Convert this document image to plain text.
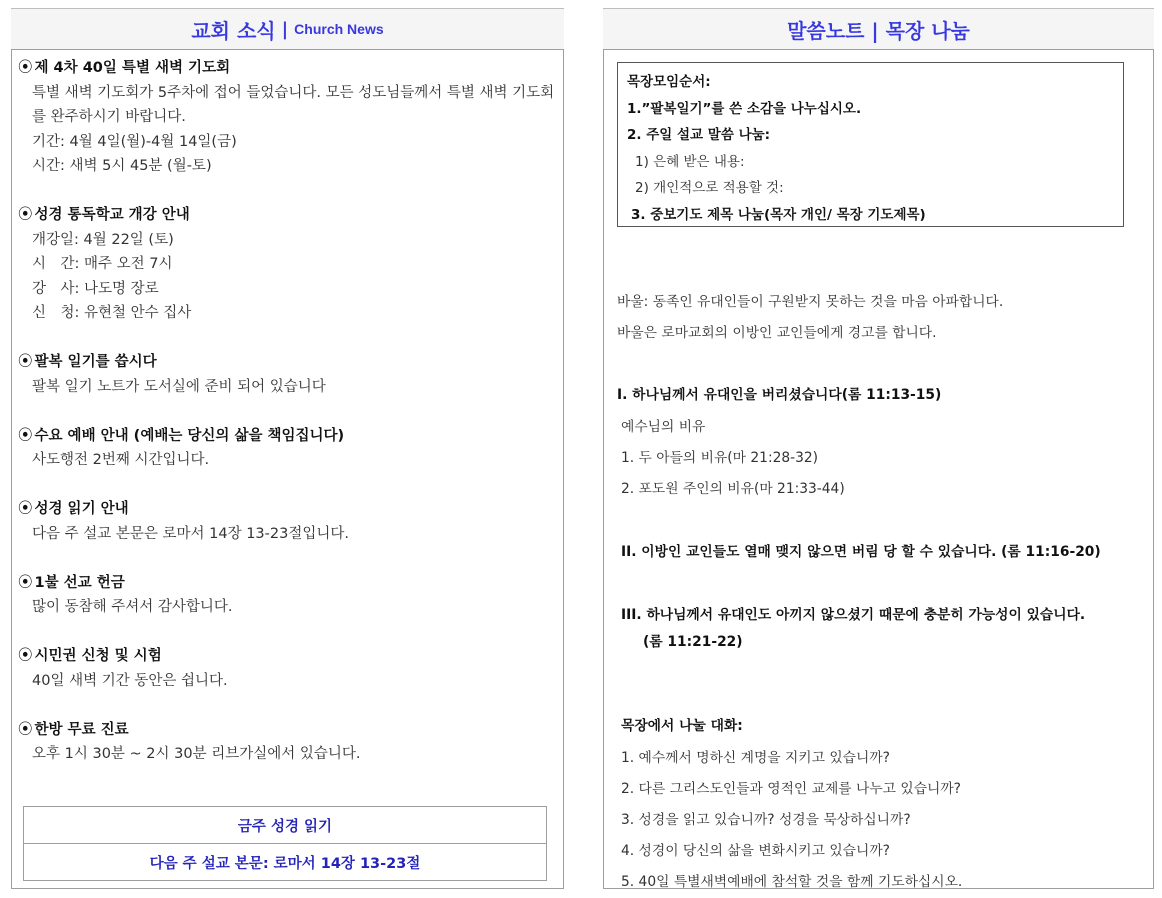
교회 소식 | Church News
⦿ 제 4차 40일 특별 새벽 기도회
특별 새벽 기도회가 5주차에 접어 들었습니다. 모든 성도님들께서 특별 새벽 기도회
를 완주하시기 바랍니다.
기간: 4월 4일(월)-4월 14일(금)
시간: 새벽 5시 45분 (월-토)
⦿ 성경 통독학교 개강 안내
개강일: 4월 22일 (토)
시　간: 매주 오전 7시
강　사: 나도명 장로
신　청: 유현철 안수 집사
⦿ 팔복 일기를 씁시다
팔복 일기 노트가 도서실에 준비 되어 있습니다
⦿ 수요 예배 안내 (예배는 당신의 삶을 책임집니다)
사도행전 2번째 시간입니다.
⦿ 성경 읽기 안내
다음 주 설교 본문은 로마서 14장 13-23절입니다.
⦿ 1불 선교 헌금
많이 동참해 주셔서 감사합니다.
⦿ 시민권 신청 및 시험
40일 새벽 기간 동안은 쉽니다.
⦿ 한방 무료 진료
오후 1시 30분 ~ 2시 30분 리브가실에서 있습니다.
금주 성경 읽기
다음 주 설교 본문: 로마서 14장 13-23절
말씀노트 | 목장 나눔
목장모임순서:
1.”팔복일기”를 쓴 소감을 나누십시오.
2. 주일 설교 말씀 나눔:
1) 은혜 받은 내용:
2) 개인적으로 적용할 것:
3. 중보기도 제목 나눔(목자 개인/ 목장 기도제목)
바울: 동족인 유대인들이 구원받지 못하는 것을 마음 아파합니다.
바울은 로마교회의 이방인 교인들에게 경고를 합니다.
I. 하나님께서 유대인을 버리셨습니다(롬 11:13-15)
예수님의 비유
1. 두 아들의 비유(마 21:28-32)
2. 포도원 주인의 비유(마 21:33-44)
II. 이방인 교인들도 열매 맺지 않으면 버림 당 할 수 있습니다. (롬 11:16-20)
III. 하나님께서 유대인도 아끼지 않으셨기 때문에 충분히 가능성이 있습니다.
(롬 11:21-22)
목장에서 나눌 대화:
1. 예수께서 명하신 계명을 지키고 있습니까?
2. 다른 그리스도인들과 영적인 교제를 나누고 있습니까?
3. 성경을 읽고 있습니까? 성경을 묵상하십니까?
4. 성경이 당신의 삶을 변화시키고 있습니까?
5. 40일 특별새벽예배에 참석할 것을 함께 기도하십시오.
